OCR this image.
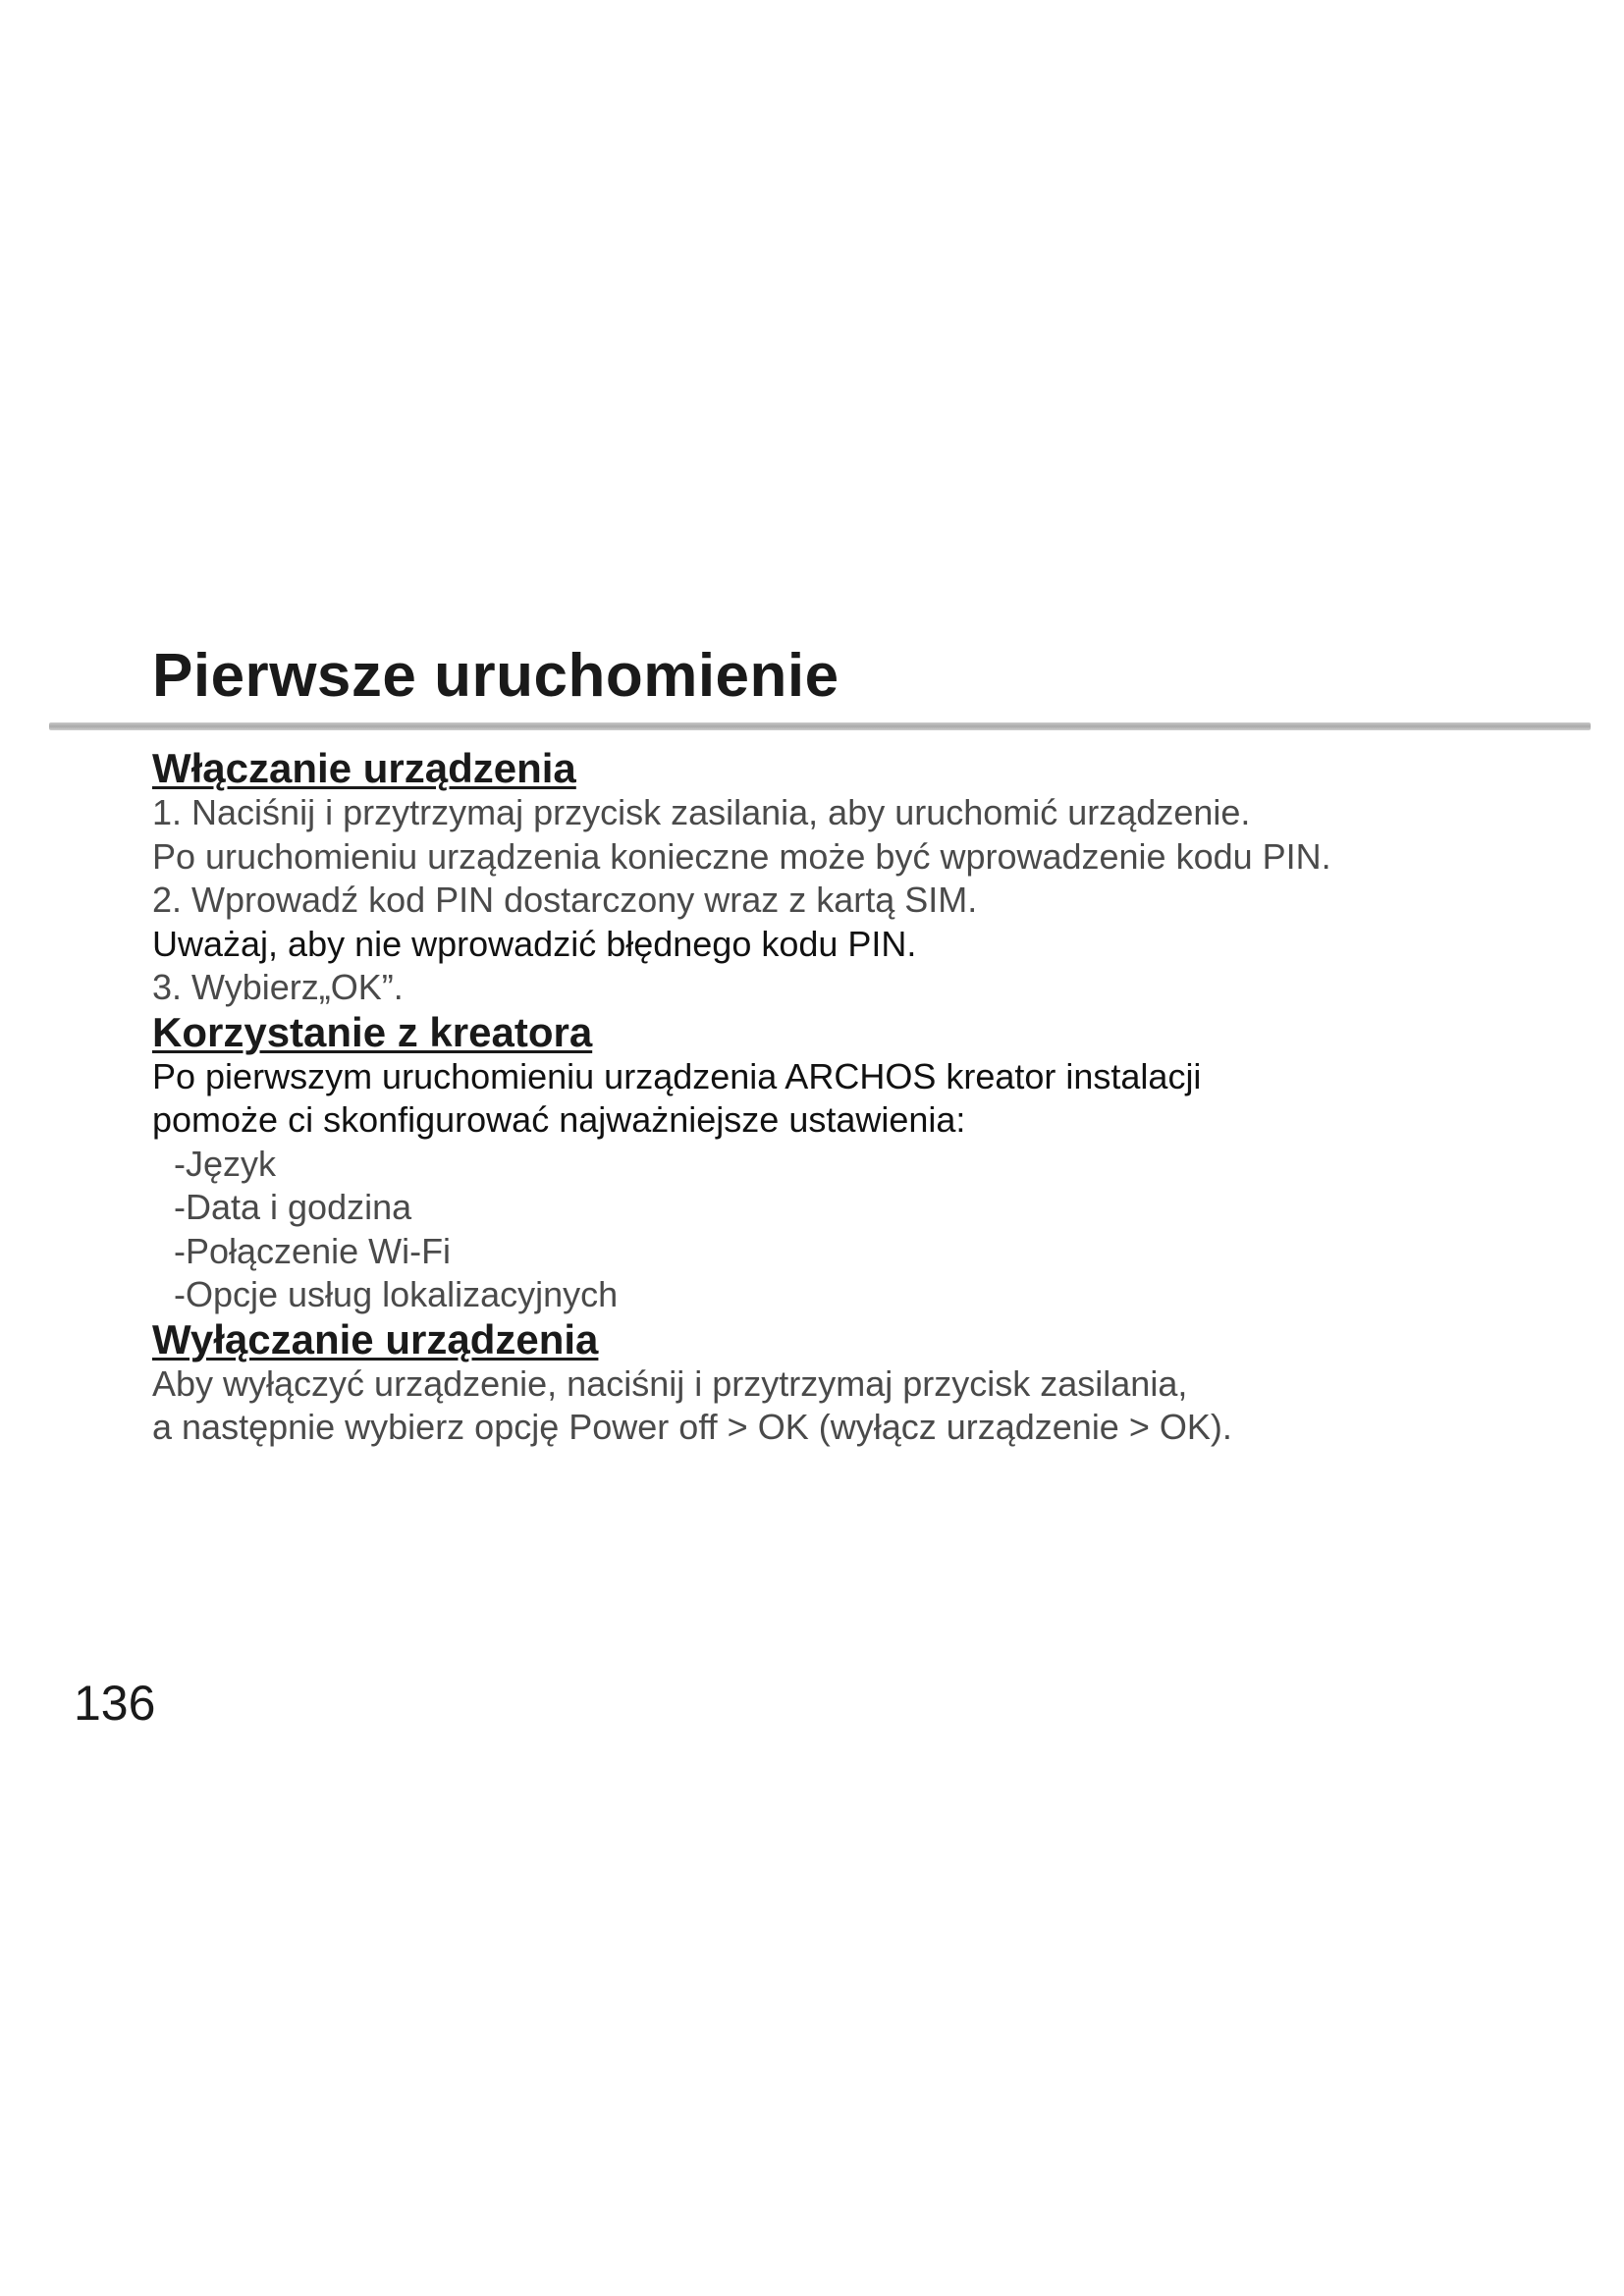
Pierwsze uruchomienie
Włączanie urządzenia

1. Naciśnij i przytrzymaj przycisk zasilania, aby uruchomić urządzenie.

Po uruchomieniu urządzenia konieczne może być wprowadzenie kodu PIN.

2. Wprowadź kod PIN dostarczony wraz z kartą SIM.

Uważaj, aby nie wprowadzić błędnego kodu PIN.

3. Wybierz„OK”.

Korzystanie z kreatora

Po pierwszym uruchomieniu urządzenia ARCHOS kreator instalacji

pomoże ci skonfigurować najważniejsze ustawienia:

-Język

-Data i godzina

-Połączenie Wi-Fi

-Opcje usług lokalizacyjnych

Wyłączanie urządzenia

Aby wyłączyć urządzenie, naciśnij i przytrzymaj przycisk zasilania,

a następnie wybierz opcję Power off > OK (wyłącz urządzenie > OK).

136
